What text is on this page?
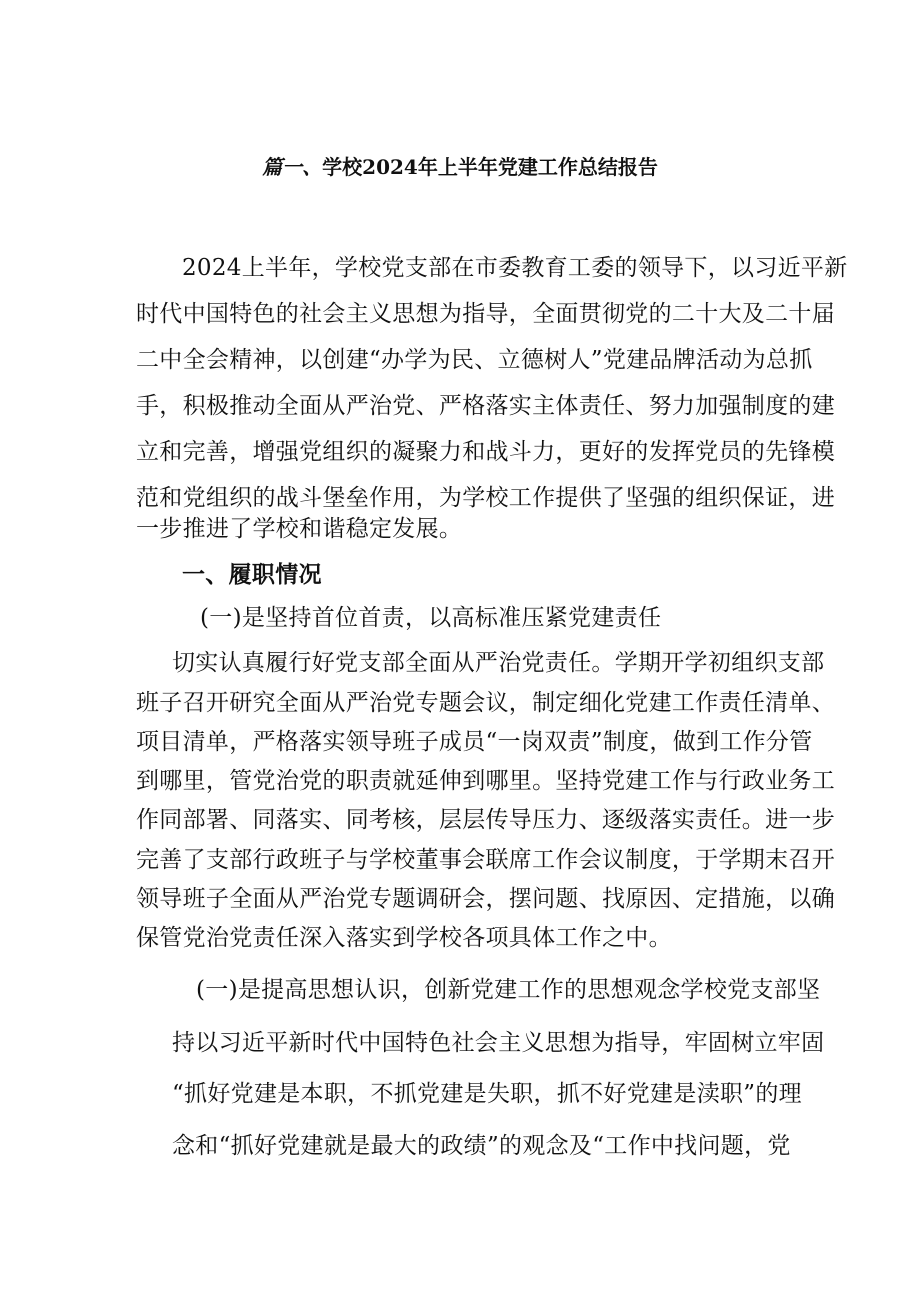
篇一、学校2024年上半年党建工作总结报告
2024上半年，学校党支部在市委教育工委的领导下，以习近平新
时代中国特色的社会主义思想为指导，全面贯彻党的二十大及二十届
二中全会精神，以创建“办学为民、立德树人”党建品牌活动为总抓
手，积极推动全面从严治党、严格落实主体责任、努力加强制度的建
立和完善，增强党组织的凝聚力和战斗力，更好的发挥党员的先锋模
范和党组织的战斗堡垒作用，为学校工作提供了坚强的组织保证，进
一步推进了学校和谐稳定发展。
一、履职情况
(一)是坚持首位首责，以高标准压紧党建责任
切实认真履行好党支部全面从严治党责任。学期开学初组织支部
班子召开研究全面从严治党专题会议，制定细化党建工作责任清单、
项目清单，严格落实领导班子成员“一岗双责”制度，做到工作分管
到哪里，管党治党的职责就延伸到哪里。坚持党建工作与行政业务工
作同部署、同落实、同考核，层层传导压力、逐级落实责任。进一步
完善了支部行政班子与学校董事会联席工作会议制度，于学期末召开
领导班子全面从严治党专题调研会，摆问题、找原因、定措施，以确
保管党治党责任深入落实到学校各项具体工作之中。
(一)是提高思想认识，创新党建工作的思想观念学校党支部坚
持以习近平新时代中国特色社会主义思想为指导，牢固树立牢固
“抓好党建是本职，不抓党建是失职，抓不好党建是渎职”的理
念和“抓好党建就是最大的政绩”的观念及“工作中找问题，党
